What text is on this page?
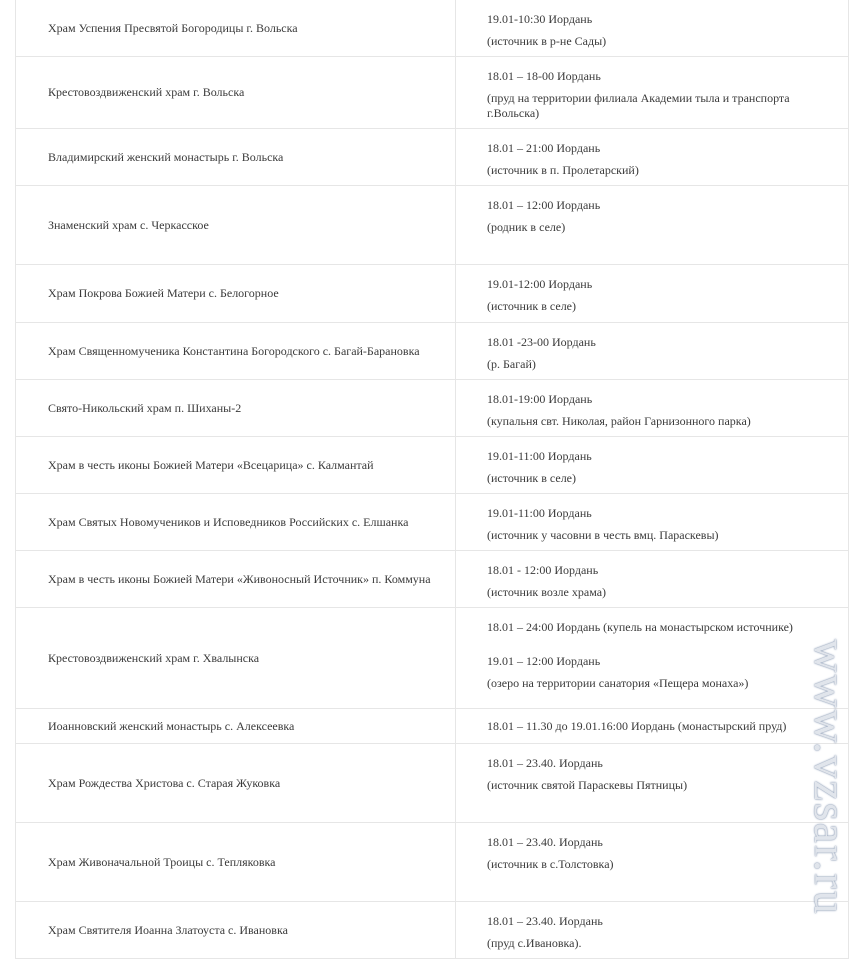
Храм Успения Пресвятой Богородицы г. Вольска
19.01-10:30 Иордань
(источник в р-не Сады)
Крестовоздвиженский храм г. Вольска
18.01 – 18-00 Иордань
(пруд на территории филиала Академии тыла и транспорта г.Вольска)
Владимирский женский монастырь г. Вольска
18.01 – 21:00 Иордань
(источник в п. Пролетарский)
Знаменский храм с. Черкасское
18.01 – 12:00 Иордань
(родник в селе)
Храм Покрова Божией Матери с. Белогорное
19.01-12:00 Иордань
(источник в селе)
Храм Священномученика Константина Богородского с. Багай-Барановка
18.01 -23-00 Иордань
(р. Багай)
Свято-Никольский храм п. Шиханы-2
18.01-19:00 Иордань
(купальня свт. Николая, район Гарнизонного парка)
Храм в честь иконы Божией Матери «Всецарица» с. Калмантай
19.01-11:00 Иордань
(источник в селе)
Храм Святых Новомучеников и Исповедников Российских с. Елшанка
19.01-11:00 Иордань
(источник у часовни в честь вмц. Параскевы)
Храм в честь иконы Божией Матери «Живоносный Источник» п. Коммуна
18.01 - 12:00 Иордань
(источник возле храма)
Крестовоздвиженский храм г. Хвалынска
18.01 – 24:00 Иордань (купель на монастырском источнике)
19.01 – 12:00 Иордань
(озеро на территории санатория «Пещера монаха»)
Иоанновский женский монастырь с. Алексеевка	18.01 – 11.30 до 19.01.16:00 Иордань (монастырский пруд)
Храм Рождества Христова с. Старая Жуковка
18.01 – 23.40. Иордань
(источник святой Параскевы Пятницы)
Храм Живоначальной Троицы с. Тепляковка
18.01 – 23.40. Иордань
(источник в с.Толстовка)
Храм Святителя Иоанна Златоуста с. Ивановка
18.01 – 23.40. Иордань
(пруд с.Ивановка).
www.vzsar.ru
